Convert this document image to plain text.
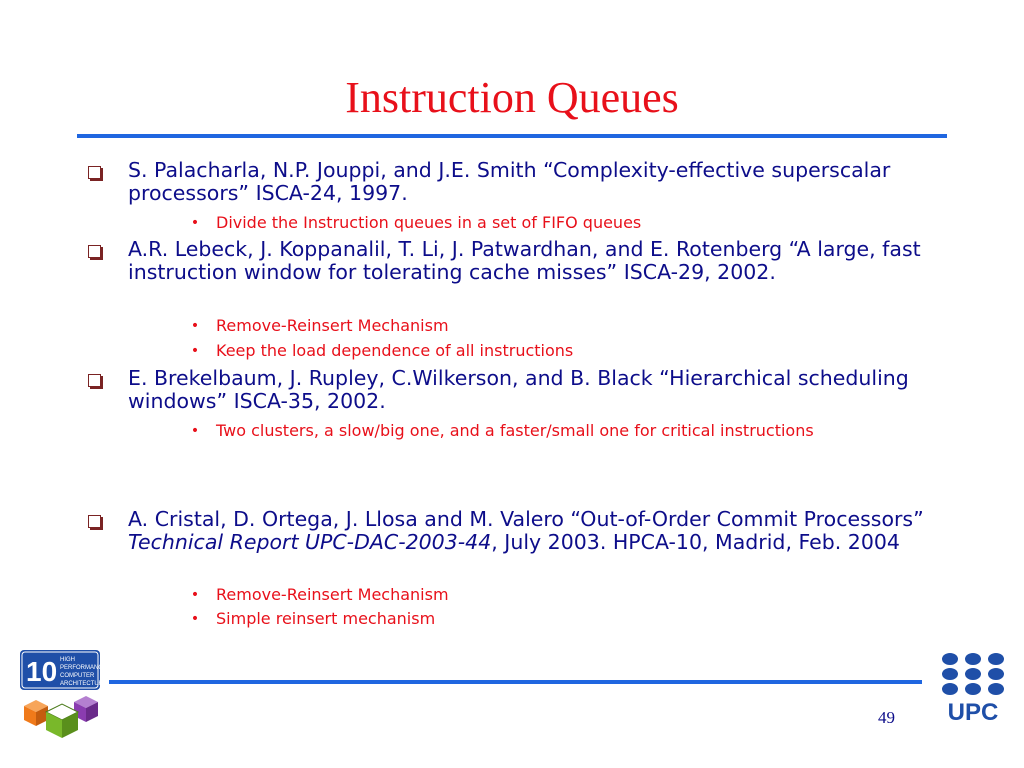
Instruction Queues
S. Palacharla, N.P. Jouppi, and J.E. Smith “Complexity-effective superscalar processors” ISCA-24, 1997.
• Divide the Instruction queues in a set of FIFO queues
A.R. Lebeck, J. Koppanalil, T. Li, J. Patwardhan, and E. Rotenberg “A large, fast instruction window for tolerating cache misses” ISCA-29, 2002.
• Remove-Reinsert Mechanism
• Keep the load dependence of all instructions
E. Brekelbaum, J. Rupley, C.Wilkerson, and B. Black “Hierarchical scheduling windows” ISCA-35, 2002.
• Two clusters, a slow/big one, and a faster/small one for critical instructions
A. Cristal, D. Ortega, J. Llosa and M. Valero “Out-of-Order Commit Processors” Technical Report UPC-DAC-2003-44, July 2003. HPCA-10, Madrid, Feb. 2004
• Remove-Reinsert Mechanism
• Simple reinsert mechanism
49
10 HIGH
PERFORMANCE
COMPUTER
ARCHITECTURE
UPC
